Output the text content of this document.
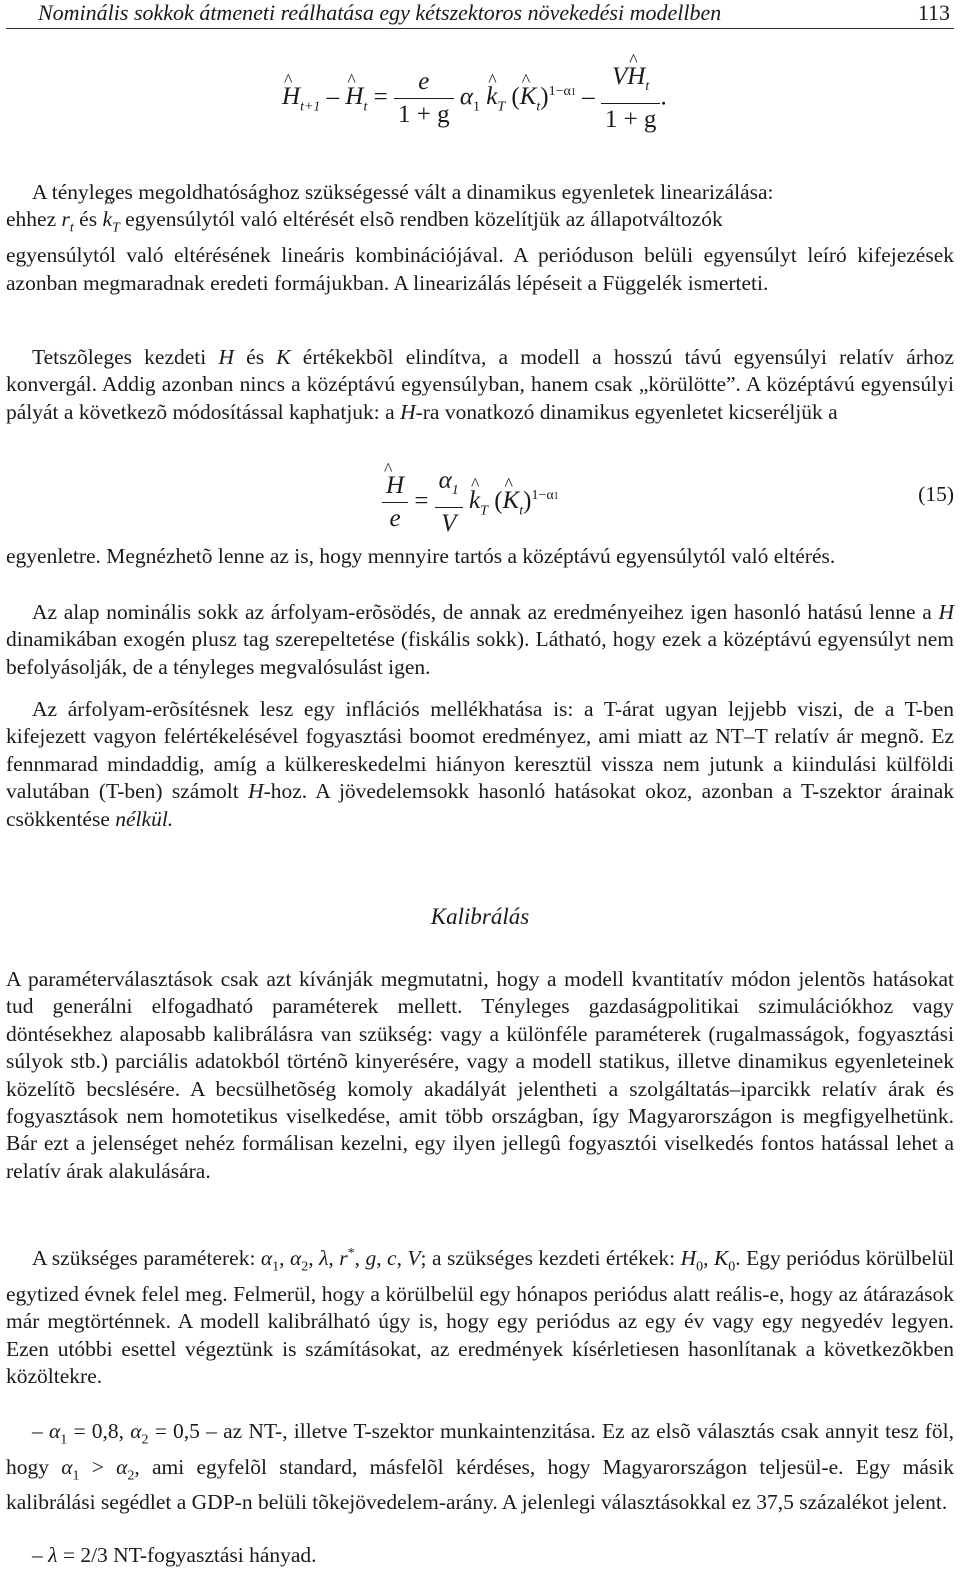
Nominális sokkok átmeneti reálhatása egy kétszektoros növekedési modellben	113
^ $H_{t+1}$ – ^ $H_t = \frac{e}{1 + g} \alpha_1$ ^ $k_T$ (^ $K_t)^{1-\alpha 1} - \frac{V\^{} H_t}{1 + g}$ .

A tényleges megoldhatósághoz szükségessé vált a dinamikus egyenletek linearizálása:

ehhez $r_t$ és ^ $k_T$ egyensúlytól való eltérését elsõ rendben közelítjük az állapotváltozók

egyensúlytól való eltérésének lineáris kombinációjával. A perióduson belüli egyensúlyt leíró kifejezések azonban megmaradnak eredeti formájukban. A linearizálás lépéseit a Függelék ismerteti.

Tetszõleges kezdeti H és K értékekbõl elindítva, a modell a hosszú távú egyensúlyi relatív árhoz konvergál. Addig azonban nincs a középtávú egyensúlyban, hanem csak „körülötte”. A középtávú egyensúlyi pályát a következõ módosítással kaphatjuk: a H-ra vonatkozó dinamikus egyenletet kicseréljük a

^ $\frac{H}{e} = \frac{\alpha_1}{V}$ ^ $k_T$ (^ $K_t)^{1-\alpha 1}$	(15)

egyenletre. Megnézhetõ lenne az is, hogy mennyire tartós a középtávú egyensúlytól való eltérés.

Az alap nominális sokk az árfolyam-erõsödés, de annak az eredményeihez igen hasonló hatású lenne a H dinamikában exogén plusz tag szerepeltetése (fiskális sokk). Látható, hogy ezek a középtávú egyensúlyt nem befolyásolják, de a tényleges megvalósulást igen.

Az árfolyam-erõsítésnek lesz egy inflációs mellékhatása is: a T-árat ugyan lejjebb viszi, de a T-ben kifejezett vagyon felértékelésével fogyasztási boomot eredményez, ami miatt az NT–T relatív ár megnõ. Ez fennmarad mindaddig, amíg a külkereskedelmi hiányon keresztül vissza nem jutunk a kiindulási külföldi valutában (T-ben) számolt H-hoz. A jövedelemsokk hasonló hatásokat okoz, azonban a T-szektor árainak csökkentése nélkül.

Kalibrálás

A paraméterválasztások csak azt kívánják megmutatni, hogy a modell kvantitatív módon jelentõs hatásokat tud generálni elfogadható paraméterek mellett. Tényleges gazdaságpolitikai szimulációkhoz vagy döntésekhez alaposabb kalibrálásra van szükség: vagy a különféle paraméterek (rugalmasságok, fogyasztási súlyok stb.) parciális adatokból történõ kinyerésére, vagy a modell statikus, illetve dinamikus egyenleteinek közelítõ becslésére. A becsülhetõség komoly akadályát jelentheti a szolgáltatás–iparcikk relatív árak és fogyasztások nem homotetikus viselkedése, amit több országban, így Magyarországon is megfigyelhetünk. Bár ezt a jelenséget nehéz formálisan kezelni, egy ilyen jellegû fogyasztói viselkedés fontos hatással lehet a relatív árak alakulására.

A szükséges paraméterek: $\alpha_1$, $\alpha_2$, λ, r*, g, c, V; a szükséges kezdeti értékek: $H_0$, $K_0$. Egy periódus körülbelül egytized évnek felel meg. Felmerül, hogy a körülbelül egy hónapos periódus alatt reális-e, hogy az átárazások már megtörténnek. A modell kalibrálható úgy is, hogy egy periódus az egy év vagy egy negyedév legyen. Ezen utóbbi esettel végeztünk is számításokat, az eredmények kísérletiesen hasonlítanak a következõkben közöltekre.

– $\alpha_1 = 0,8$, $\alpha_2 = 0,5$ – az NT-, illetve T-szektor munkaintenzitása. Ez az elsõ választás csak annyit tesz föl, hogy $\alpha_1 > \alpha_2$, ami egyfelõl standard, másfelõl kérdéses, hogy Magyarországon teljesül-e. Egy másik kalibrálási segédlet a GDP-n belüli tõkejövedelem-arány. A jelenlegi választásokkal ez 37,5 százalékot jelent.

– λ = 2/3 NT-fogyasztási hányad.
